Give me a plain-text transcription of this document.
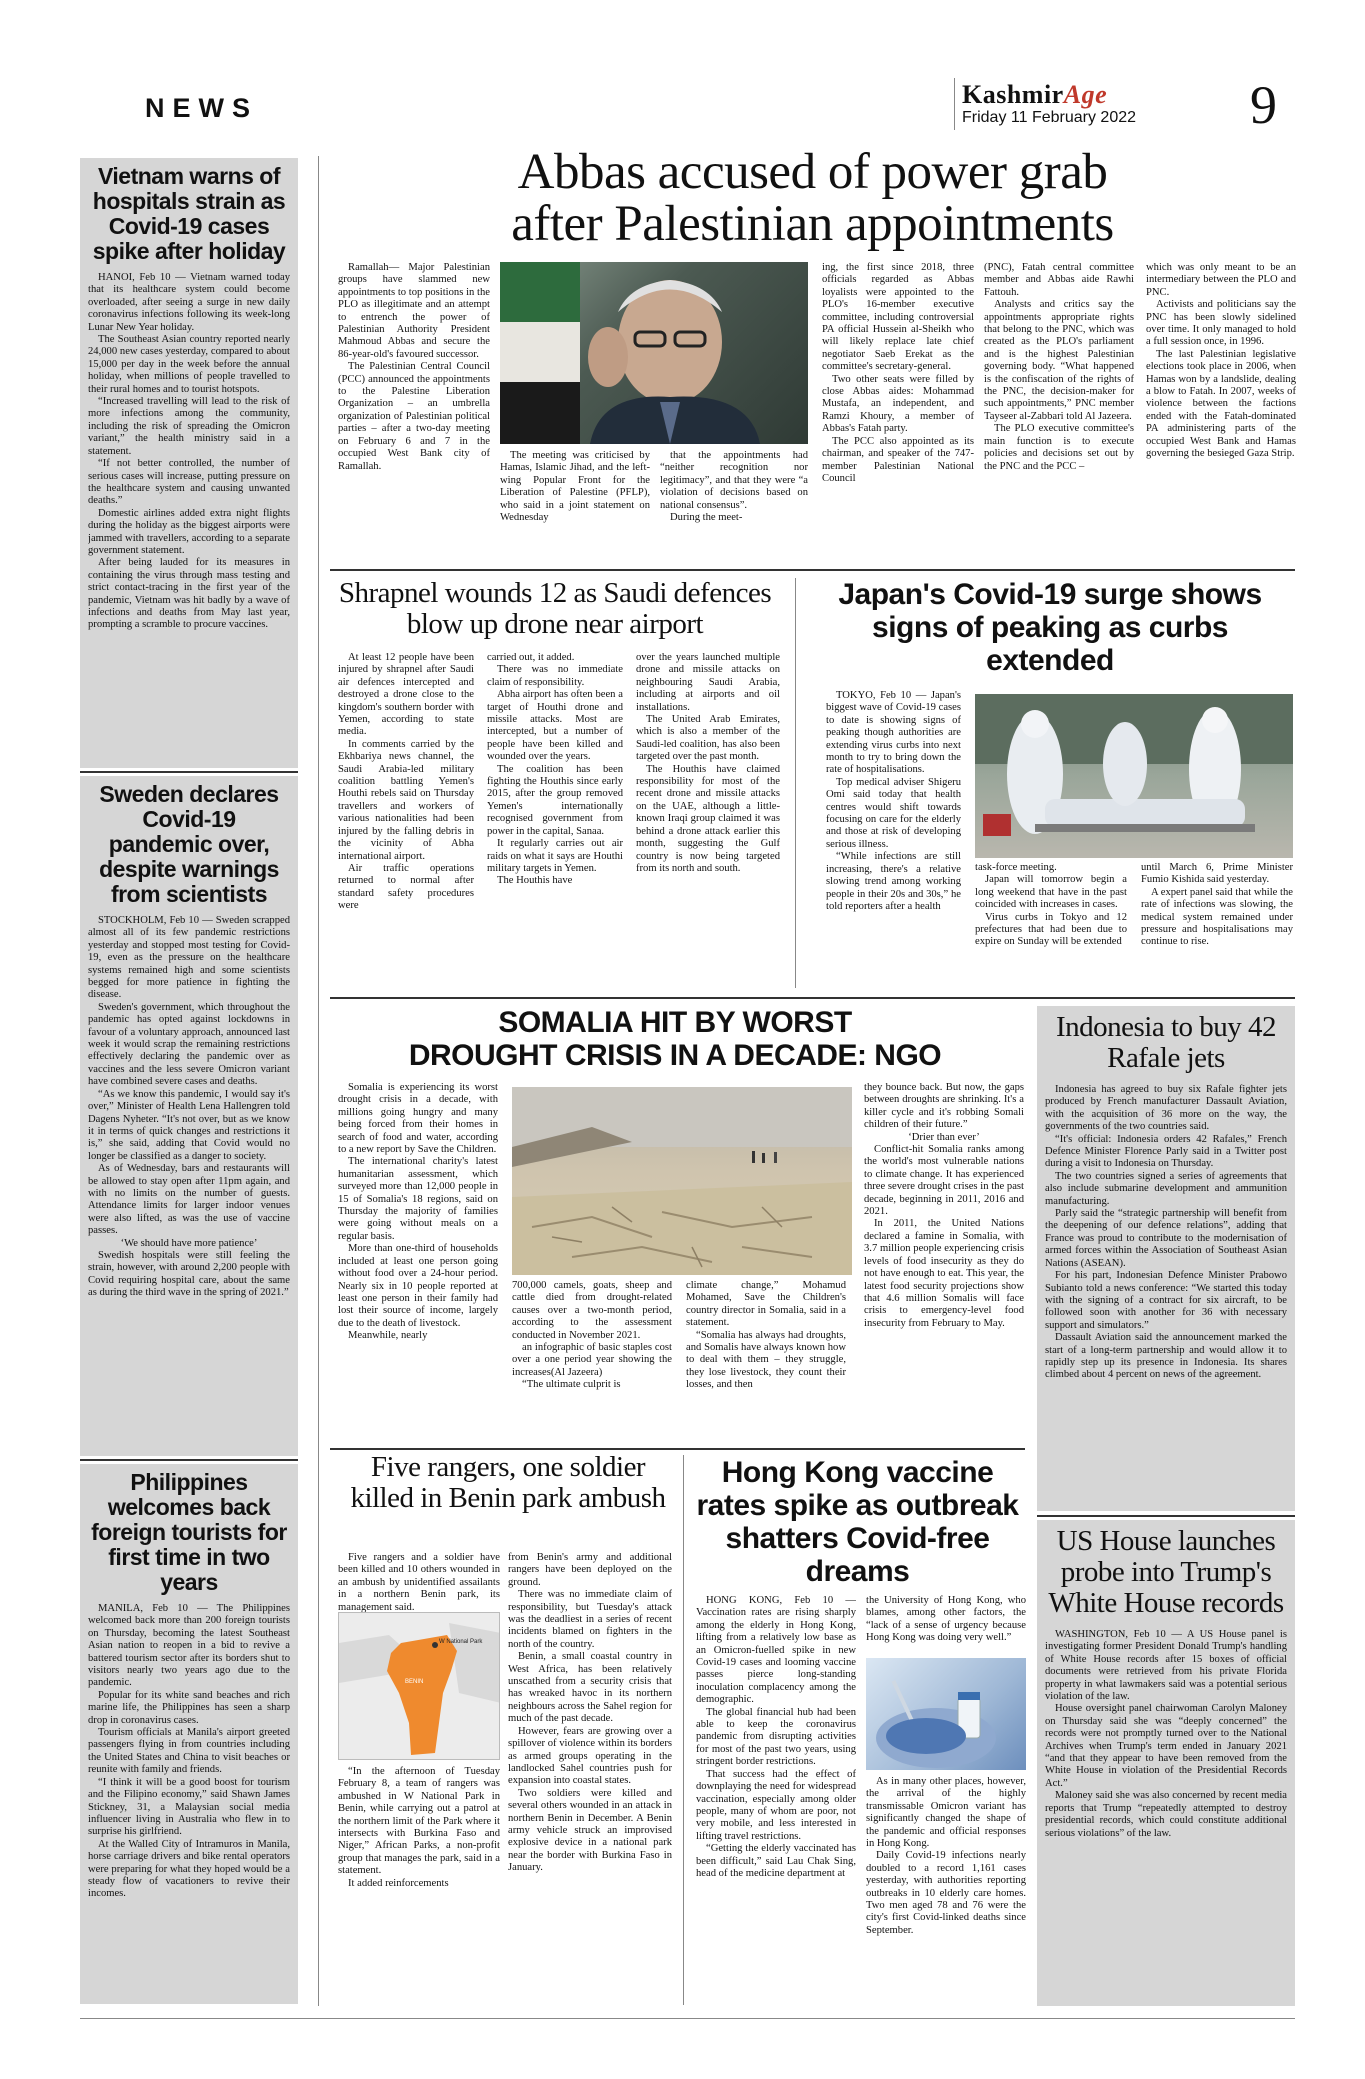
NEWS	KashmirAge
Friday 11 February 2022 9
Vietnam warns of hospitals strain as Covid-19 cases spike after holiday

HANOI, Feb 10 — Vietnam warned today that its healthcare system could become overloaded, after seeing a surge in new daily coronavirus infections following its week-long Lunar New Year holiday.

The Southeast Asian country reported nearly 24,000 new cases yesterday, compared to about 15,000 per day in the week before the annual holiday, when millions of people travelled to their rural homes and to tourist hotspots.

“Increased travelling will lead to the risk of more infections among the community, including the risk of spreading the Omicron variant,” the health ministry said in a statement.

“If not better controlled, the number of serious cases will increase, putting pressure on the healthcare system and causing unwanted deaths.”

Domestic airlines added extra night flights during the holiday as the biggest airports were jammed with travellers, according to a separate government statement.

After being lauded for its measures in containing the virus through mass testing and strict contact-tracing in the first year of the pandemic, Vietnam was hit badly by a wave of infections and deaths from May last year, prompting a scramble to procure vaccines.

Sweden declares Covid-19 pandemic over, despite warnings from scientists

STOCKHOLM, Feb 10 — Sweden scrapped almost all of its few pandemic restrictions yesterday and stopped most testing for Covid-19, even as the pressure on the healthcare systems remained high and some scientists begged for more patience in fighting the disease.

Sweden's government, which throughout the pandemic has opted against lockdowns in favour of a voluntary approach, announced last week it would scrap the remaining restrictions effectively declaring the pandemic over as vaccines and the less severe Omicron variant have combined severe cases and deaths.

“As we know this pandemic, I would say it's over,” Minister of Health Lena Hallengren told Dagens Nyheter. “It's not over, but as we know it in terms of quick changes and restrictions it is,” she said, adding that Covid would no longer be classified as a danger to society.

As of Wednesday, bars and restaurants will be allowed to stay open after 11pm again, and with no limits on the number of guests. Attendance limits for larger indoor venues were also lifted, as was the use of vaccine passes.

‘We should have more patience’

Swedish hospitals were still feeling the strain, however, with around 2,200 people with Covid requiring hospital care, about the same as during the third wave in the spring of 2021.”

Philippines welcomes back foreign tourists for first time in two years

MANILA, Feb 10 — The Philippines welcomed back more than 200 foreign tourists on Thursday, becoming the latest Southeast Asian nation to reopen in a bid to revive a battered tourism sector after its borders shut to visitors nearly two years ago due to the pandemic.

Popular for its white sand beaches and rich marine life, the Philippines has seen a sharp drop in coronavirus cases.

Tourism officials at Manila's airport greeted passengers flying in from countries including the United States and China to visit beaches or reunite with family and friends.

“I think it will be a good boost for tourism and the Filipino economy,” said Shawn James Stickney, 31, a Malaysian social media influencer living in Australia who flew in to surprise his girlfriend.

At the Walled City of Intramuros in Manila, horse carriage drivers and bike rental operators were preparing for what they hoped would be a steady flow of vacationers to revive their incomes.

Abbas accused of power grab
after Palestinian appointments

Ramallah— Major Palestinian groups have slammed new appointments to top positions in the PLO as illegitimate and an attempt to entrench the power of Palestinian Authority President Mahmoud Abbas and secure the 86-year-old's favoured successor.

The Palestinian Central Council (PCC) announced the appointments to the Palestine Liberation Organization – an umbrella organization of Palestinian political parties – after a two-day meeting on February 6 and 7 in the occupied West Bank city of Ramallah.

The meeting was criticised by Hamas, Islamic Jihad, and the left-wing Popular Front for the Liberation of Palestine (PFLP), who said in a joint statement on Wednesday

that the appointments had “neither recognition nor legitimacy”, and that they were “a violation of decisions based on national consensus”.

During the meet-

ing, the first since 2018, three officials regarded as Abbas loyalists were appointed to the PLO's 16-member executive committee, including controversial PA official Hussein al-Sheikh who will likely replace late chief negotiator Saeb Erekat as the committee's secretary-general.

Two other seats were filled by close Abbas aides: Mohammad Mustafa, an independent, and Ramzi Khoury, a member of Abbas's Fatah party.

The PCC also appointed as its chairman, and speaker of the 747-member Palestinian National Council

(PNC), Fatah central committee member and Abbas aide Rawhi Fattouh.

Analysts and critics say the appointments appropriate rights that belong to the PNC, which was created as the PLO's parliament and is the highest Palestinian governing body. “What happened is the confiscation of the rights of the PNC, the decision-maker for such appointments,” PNC member Tayseer al-Zabbari told Al Jazeera.

The PLO executive committee's main function is to execute policies and decisions set out by the PNC and the PCC –

which was only meant to be an intermediary between the PLO and PNC.

Activists and politicians say the PNC has been slowly sidelined over time. It only managed to hold a full session once, in 1996.

The last Palestinian legislative elections took place in 2006, when Hamas won by a landslide, dealing a blow to Fatah. In 2007, weeks of violence between the factions ended with the Fatah-dominated PA administering parts of the occupied West Bank and Hamas governing the besieged Gaza Strip.

Shrapnel wounds 12 as Saudi defences blow up drone near airport

At least 12 people have been injured by shrapnel after Saudi air defences intercepted and destroyed a drone close to the kingdom's southern border with Yemen, according to state media.

In comments carried by the Ekhbariya news channel, the Saudi Arabia-led military coalition battling Yemen's Houthi rebels said on Thursday travellers and workers of various nationalities had been injured by the falling debris in the vicinity of Abha international airport.

Air traffic operations returned to normal after standard safety procedures were

carried out, it added.

There was no immediate claim of responsibility.

Abha airport has often been a target of Houthi drone and missile attacks. Most are intercepted, but a number of people have been killed and wounded over the years.

The coalition has been fighting the Houthis since early 2015, after the group removed Yemen's internationally recognised government from power in the capital, Sanaa.

It regularly carries out air raids on what it says are Houthi military targets in Yemen.

The Houthis have

over the years launched multiple drone and missile attacks on neighbouring Saudi Arabia, including at airports and oil installations.

The United Arab Emirates, which is also a member of the Saudi-led coalition, has also been targeted over the past month.

The Houthis have claimed responsibility for most of the recent drone and missile attacks on the UAE, although a little-known Iraqi group claimed it was behind a drone attack earlier this month, suggesting the Gulf country is now being targeted from its north and south.

Japan's Covid-19 surge shows signs of peaking as curbs extended

TOKYO, Feb 10 — Japan's biggest wave of Covid-19 cases to date is showing signs of peaking though authorities are extending virus curbs into next month to try to bring down the rate of hospitalisations.

Top medical adviser Shigeru Omi said today that health centres would shift towards focusing on care for the elderly and those at risk of developing serious illness.

“While infections are still increasing, there's a relative slowing trend among working people in their 20s and 30s,” he told reporters after a health

task-force meeting.

Japan will tomorrow begin a long weekend that have in the past coincided with increases in cases.

Virus curbs in Tokyo and 12 prefectures that had been due to expire on Sunday will be extended

until March 6, Prime Minister Fumio Kishida said yesterday.

A expert panel said that while the rate of infections was slowing, the medical system remained under pressure and hospitalisations may continue to rise.

SOMALIA HIT BY WORST
DROUGHT CRISIS IN A DECADE: NGO

Somalia is experiencing its worst drought crisis in a decade, with millions going hungry and many being forced from their homes in search of food and water, according to a new report by Save the Children.

The international charity's latest humanitarian assessment, which surveyed more than 12,000 people in 15 of Somalia's 18 regions, said on Thursday the majority of families were going without meals on a regular basis.

More than one-third of households included at least one person going without food over a 24-hour period. Nearly six in 10 people reported at least one person in their family had lost their source of income, largely due to the death of livestock.

Meanwhile, nearly

700,000 camels, goats, sheep and cattle died from drought-related causes over a two-month period, according to the assessment conducted in November 2021.

an infographic of basic staples cost over a one period year showing the increases(Al Jazeera)

“The ultimate culprit is

climate change,” Mohamud Mohamed, Save the Children's country director in Somalia, said in a statement.

“Somalia has always had droughts, and Somalis have always known how to deal with them – they struggle, they lose livestock, they count their losses, and then

they bounce back. But now, the gaps between droughts are shrinking. It's a killer cycle and it's robbing Somali children of their future.”

‘Drier than ever’

Conflict-hit Somalia ranks among the world's most vulnerable nations to climate change. It has experienced three severe drought crises in the past decade, beginning in 2011, 2016 and 2021.

In 2011, the United Nations declared a famine in Somalia, with 3.7 million people experiencing crisis levels of food insecurity as they do not have enough to eat. This year, the latest food security projections show that 4.6 million Somalis will face crisis to emergency-level food insecurity from February to May.

Indonesia to buy 42 Rafale jets

Indonesia has agreed to buy six Rafale fighter jets produced by French manufacturer Dassault Aviation, with the acquisition of 36 more on the way, the governments of the two countries said.

“It's official: Indonesia orders 42 Rafales,” French Defence Minister Florence Parly said in a Twitter post during a visit to Indonesia on Thursday.

The two countries signed a series of agreements that also include submarine development and ammunition manufacturing.

Parly said the “strategic partnership will benefit from the deepening of our defence relations”, adding that France was proud to contribute to the modernisation of armed forces within the Association of Southeast Asian Nations (ASEAN).

For his part, Indonesian Defence Minister Prabowo Subianto told a news conference: “We started this today with the signing of a contract for six aircraft, to be followed soon with another for 36 with necessary support and simulators.”

Dassault Aviation said the announcement marked the start of a long-term partnership and would allow it to rapidly step up its presence in Indonesia. Its shares climbed about 4 percent on news of the agreement.

Five rangers, one soldier killed in Benin park ambush

Five rangers and a soldier have been killed and 10 others wounded in an ambush by unidentified assailants in a northern Benin park, its management said.

W National Park
BENIN

“In the afternoon of Tuesday February 8, a team of rangers was ambushed in W National Park in Benin, while carrying out a patrol at the northern limit of the Park where it intersects with Burkina Faso and Niger,” African Parks, a non-profit group that manages the park, said in a statement.

It added reinforcements

from Benin's army and additional rangers have been deployed on the ground.

There was no immediate claim of responsibility, but Tuesday's attack was the deadliest in a series of recent incidents blamed on fighters in the north of the country.

Benin, a small coastal country in West Africa, has been relatively unscathed from a security crisis that has wreaked havoc in its northern neighbours across the Sahel region for much of the past decade.

However, fears are growing over a spillover of violence within its borders as armed groups operating in the landlocked Sahel countries push for expansion into coastal states.

Two soldiers were killed and several others wounded in an attack in northern Benin in December. A Benin army vehicle struck an improvised explosive device in a national park near the border with Burkina Faso in January.

Hong Kong vaccine rates spike as outbreak shatters Covid-free dreams

HONG KONG, Feb 10 — Vaccination rates are rising sharply among the elderly in Hong Kong, lifting from a relatively low base as an Omicron-fuelled spike in new Covid-19 cases and looming vaccine passes pierce long-standing inoculation complacency among the demographic.

The global financial hub had been able to keep the coronavirus pandemic from disrupting activities for most of the past two years, using stringent border restrictions.

That success had the effect of downplaying the need for widespread vaccination, especially among older people, many of whom are poor, not very mobile, and less interested in lifting travel restrictions.

“Getting the elderly vaccinated has been difficult,” said Lau Chak Sing, head of the medicine department at

the University of Hong Kong, who blames, among other factors, the “lack of a sense of urgency because Hong Kong was doing very well.”

As in many other places, however, the arrival of the highly transmissable Omicron variant has significantly changed the shape of the pandemic and official responses in Hong Kong.

Daily Covid-19 infections nearly doubled to a record 1,161 cases yesterday, with authorities reporting outbreaks in 10 elderly care homes. Two men aged 78 and 76 were the city's first Covid-linked deaths since September.

US House launches probe into Trump's White House records

WASHINGTON, Feb 10 — A US House panel is investigating former President Donald Trump's handling of White House records after 15 boxes of official documents were retrieved from his private Florida property in what lawmakers said was a potential serious violation of the law.

House oversight panel chairwoman Carolyn Maloney on Thursday said she was “deeply concerned” the records were not promptly turned over to the National Archives when Trump's term ended in January 2021 “and that they appear to have been removed from the White House in violation of the Presidential Records Act.”

Maloney said she was also concerned by recent media reports that Trump “repeatedly attempted to destroy presidential records, which could constitute additional serious violations” of the law.
